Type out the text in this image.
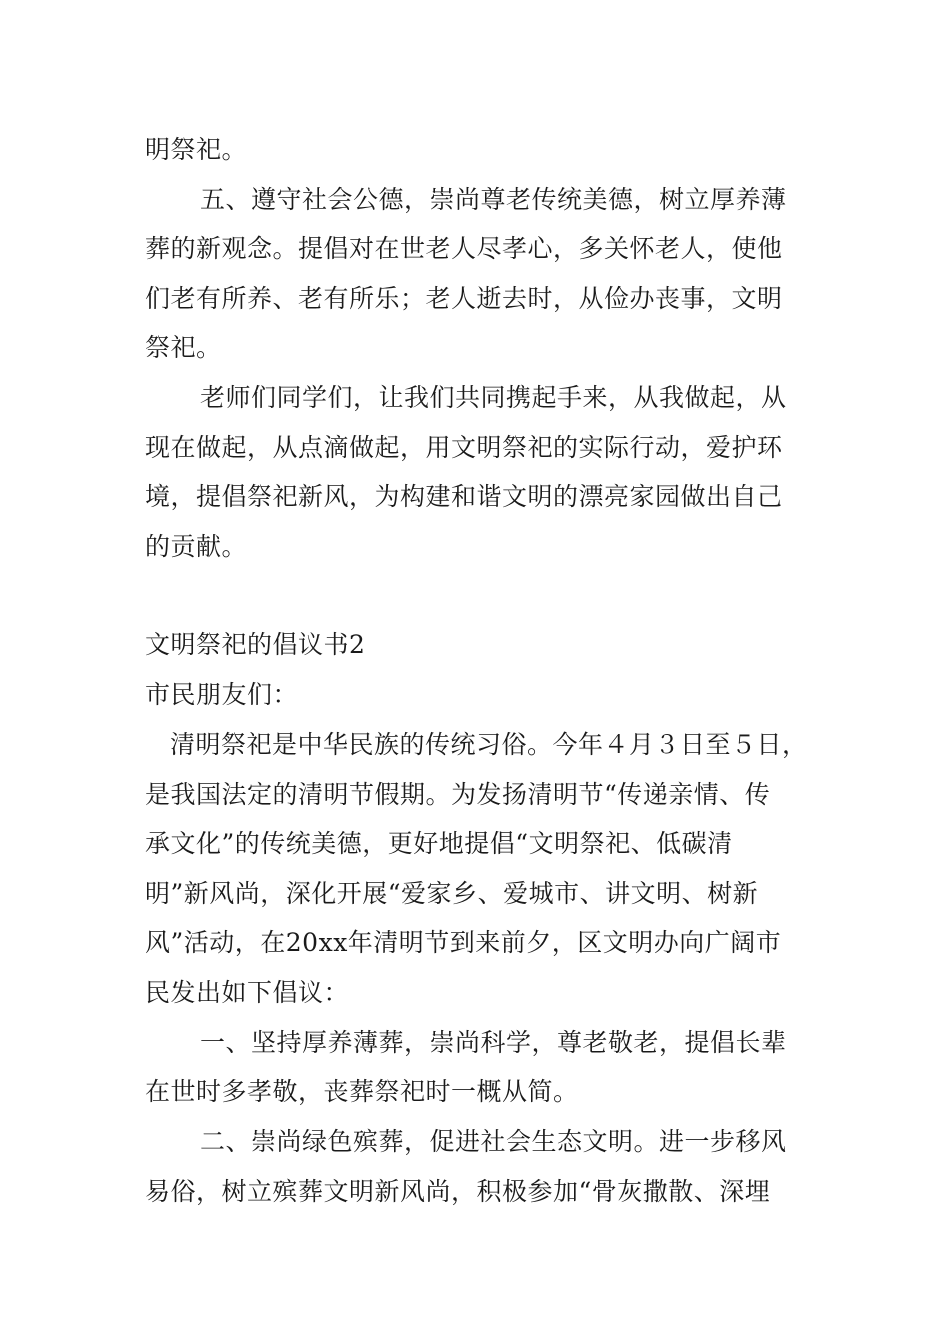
明祭祀。
五、遵守社会公德，崇尚尊老传统美德，树立厚养薄
葬的新观念。提倡对在世老人尽孝心，多关怀老人，使他
们老有所养、老有所乐；老人逝去时，从俭办丧事，文明
祭祀。
老师们同学们，让我们共同携起手来，从我做起，从
现在做起，从点滴做起，用文明祭祀的实际行动，爱护环
境，提倡祭祀新风，为构建和谐文明的漂亮家园做出自己
的贡献。
文明祭祀的倡议书2
市民朋友们：
清明祭祀是中华民族的传统习俗。今年４月３日至５日，
是我国法定的清明节假期。为发扬清明节“传递亲情、传
承文化”的传统美德，更好地提倡“文明祭祀、低碳清
明”新风尚，深化开展“爱家乡、爱城市、讲文明、树新
风”活动，在20xx年清明节到来前夕，区文明办向广阔市
民发出如下倡议：
一、坚持厚养薄葬，崇尚科学，尊老敬老，提倡长辈
在世时多孝敬，丧葬祭祀时一概从简。
二、崇尚绿色殡葬，促进社会生态文明。进一步移风
易俗，树立殡葬文明新风尚，积极参加“骨灰撒散、深埋
